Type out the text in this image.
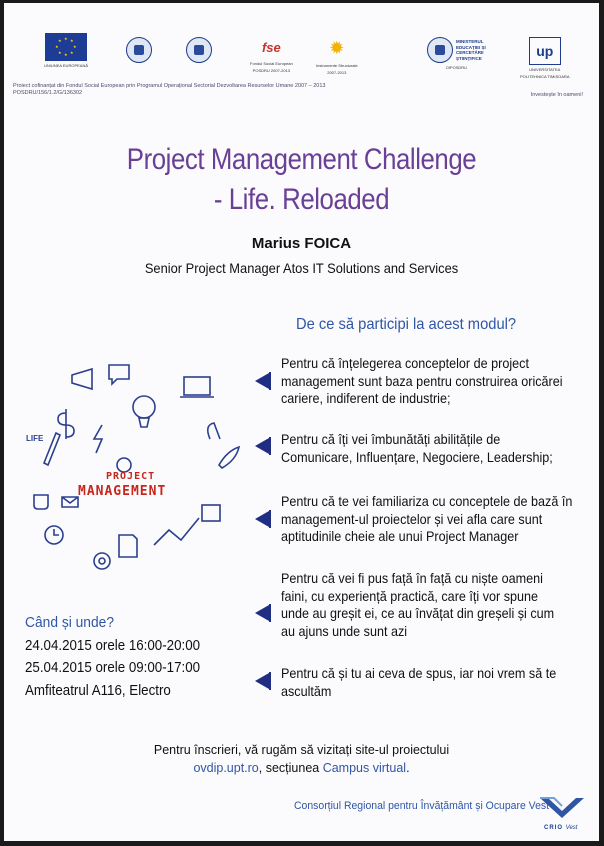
★ ★
★
★
★
★
★
★
UNIUNEA EUROPEANĂ
fse
Fondul Social European
POSDRU 2007-2013
✹
Instrumente Structurale
2007-2013
MINISTERUL
EDUCAȚIEI ȘI
CERCETĂRII
ȘTIINȚIFICE
OIPOSDRU
up
UNIVERSITATEA
POLITEHNICA TIMIȘOARA
Proiect cofinanțat din Fondul Social European prin Programul Operațional Sectorial Dezvoltarea Resurselor Umane 2007 – 2013
POSDRU/156/1.2/G/136302	Investește în oameni!
Project Management Challenge
- Life. Reloaded
Marius FOICA
Senior Project Manager Atos IT Solutions and Services
De ce să participi la acest modul?
Pentru că înțelegerea conceptelor de project management sunt baza pentru construirea oricărei cariere, indiferent de industrie;
Pentru că îți vei îmbunătăți abilitățile de Comunicare, Influențare, Negociere, Leadership;
Pentru că te vei familiariza cu conceptele de bază în management-ul proiectelor și vei afla care sunt aptitudinile cheie ale unui Project Manager
Pentru că vei fi pus față în față cu niște oameni faini, cu experiență practică, care îți vor spune unde au greșit ei, ce au învățat din greșeli și cum au ajuns unde sunt azi
Pentru că și tu ai ceva de spus, iar noi vrem să te ascultăm
LIFE
PROJECT
MANAGEMENT
Când și unde?
24.04.2015 orele 16:00-20:00
25.04.2015 orele 09:00-17:00
Amfiteatrul A116, Electro
Pentru înscrieri, vă rugăm să vizitați site-ul proiectului
ovdip.upt.ro, secțiunea Campus virtual.
Consorțiul Regional pentru Învățământ și Ocupare Vest
CRIO Vest
